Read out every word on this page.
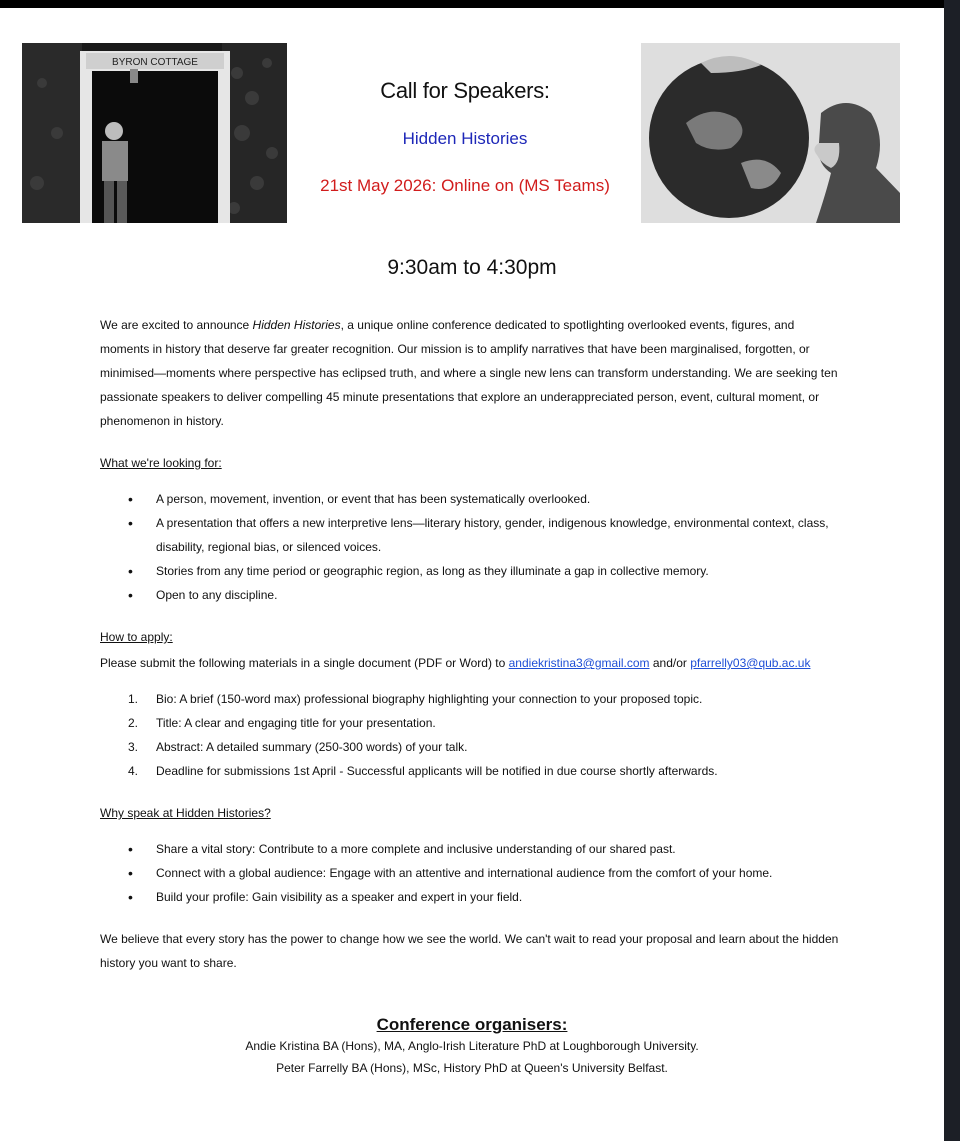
BYRON COTTAGE
Call for Speakers:
Hidden Histories
21st May 2026: Online on (MS Teams)
9:30am to 4:30pm

We are excited to announce Hidden Histories, a unique online conference dedicated to spotlighting overlooked events, figures, and moments in history that deserve far greater recognition. Our mission is to amplify narratives that have been marginalised, forgotten, or minimised—moments where perspective has eclipsed truth, and where a single new lens can transform understanding. We are seeking ten passionate speakers to deliver compelling 45 minute presentations that explore an underappreciated person, event, cultural moment, or phenomenon in history.

What we're looking for:
• A person, movement, invention, or event that has been systematically overlooked.
• A presentation that offers a new interpretive lens—literary history, gender, indigenous knowledge, environmental context, class, disability, regional bias, or silenced voices.
• Stories from any time period or geographic region, as long as they illuminate a gap in collective memory.
• Open to any discipline.
How to apply:
Please submit the following materials in a single document (PDF or Word) to andiekristina3@gmail.com and/or pfarrelly03@qub.ac.uk
1. Bio: A brief (150-word max) professional biography highlighting your connection to your proposed topic.
2. Title: A clear and engaging title for your presentation.
3. Abstract: A detailed summary (250-300 words) of your talk.
4. Deadline for submissions 1st April - Successful applicants will be notified in due course shortly afterwards.
Why speak at Hidden Histories?
• Share a vital story: Contribute to a more complete and inclusive understanding of our shared past.
• Connect with a global audience: Engage with an attentive and international audience from the comfort of your home.
• Build your profile: Gain visibility as a speaker and expert in your field.

We believe that every story has the power to change how we see the world. We can't wait to read your proposal and learn about the hidden history you want to share.

Conference organisers:
Andie Kristina BA (Hons), MA, Anglo-Irish Literature PhD at Loughborough University.
Peter Farrelly BA (Hons), MSc, History PhD at Queen's University Belfast.
